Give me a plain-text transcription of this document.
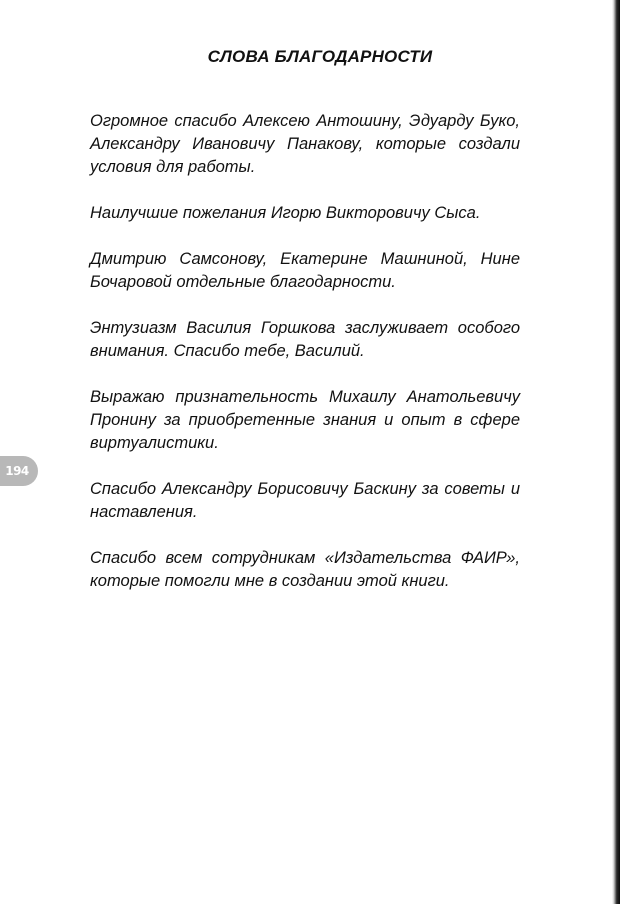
СЛОВА БЛАГОДАРНОСТИ

Огромное спасибо Алексею Антошину, Эдуарду Буко, Александру Ивановичу Панакову, которые создали условия для работы.

Наилучшие пожелания Игорю Викторовичу Сыса.

Дмитрию Самсонову, Екатерине Машниной, Нине Бочаровой отдельные благодарности.

Энтузиазм Василия Горшкова заслуживает особого внимания. Спасибо тебе, Василий.

Выражаю признательность Михаилу Анатольевичу Пронину за приобретенные знания и опыт в сфере виртуалистики.

Спасибо Александру Борисовичу Баскину за советы и наставления.

Спасибо всем сотрудникам «Издательства ФАИР», которые помогли мне в создании этой книги.

194
